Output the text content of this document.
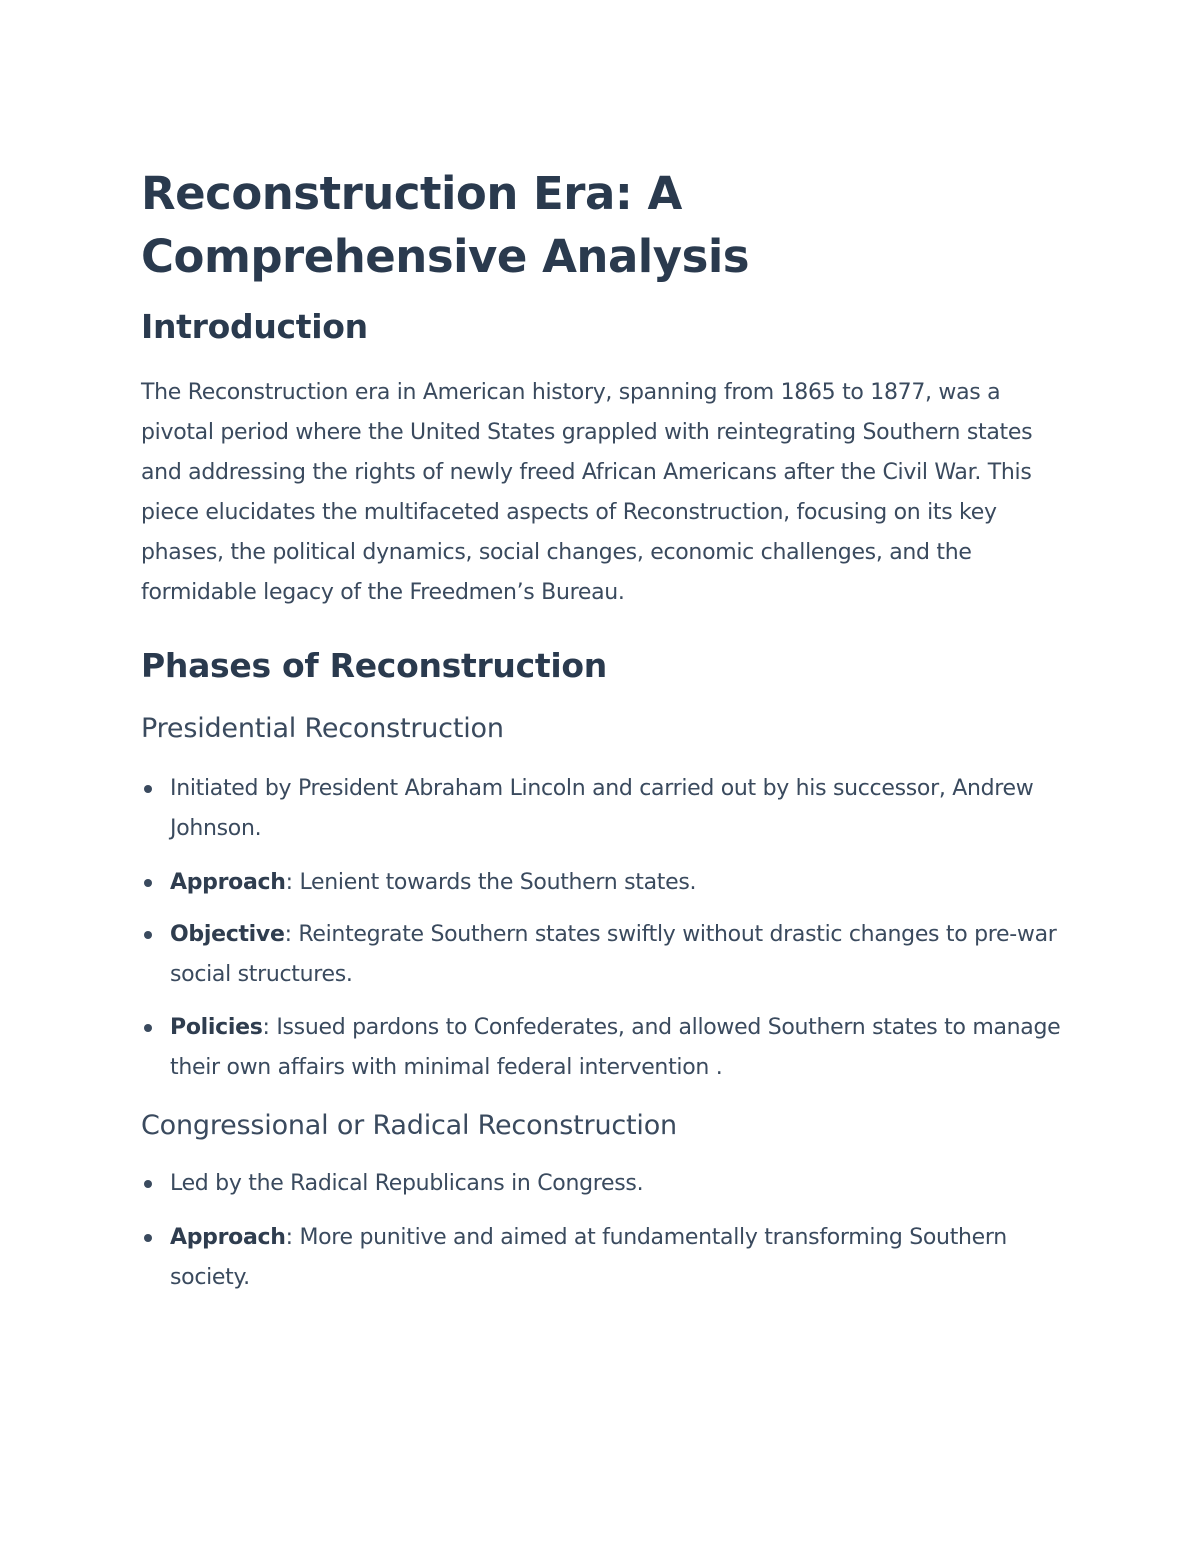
Reconstruction Era: A Comprehensive Analysis
Introduction

The Reconstruction era in American history, spanning from 1865 to 1877, was a pivotal period where the United States grappled with reintegrating Southern states and addressing the rights of newly freed African Americans after the Civil War. This piece elucidates the multifaceted aspects of Reconstruction, focusing on its key phases, the political dynamics, social changes, economic challenges, and the formidable legacy of the Freedmen’s Bureau.

Phases of Reconstruction
Presidential Reconstruction
Initiated by President Abraham Lincoln and carried out by his successor, Andrew Johnson.
Approach: Lenient towards the Southern states.
Objective: Reintegrate Southern states swiftly without drastic changes to pre-war social structures.
Policies: Issued pardons to Confederates, and allowed Southern states to manage their own affairs with minimal federal intervention .
Congressional or Radical Reconstruction
Led by the Radical Republicans in Congress.
Approach: More punitive and aimed at fundamentally transforming Southern society.
